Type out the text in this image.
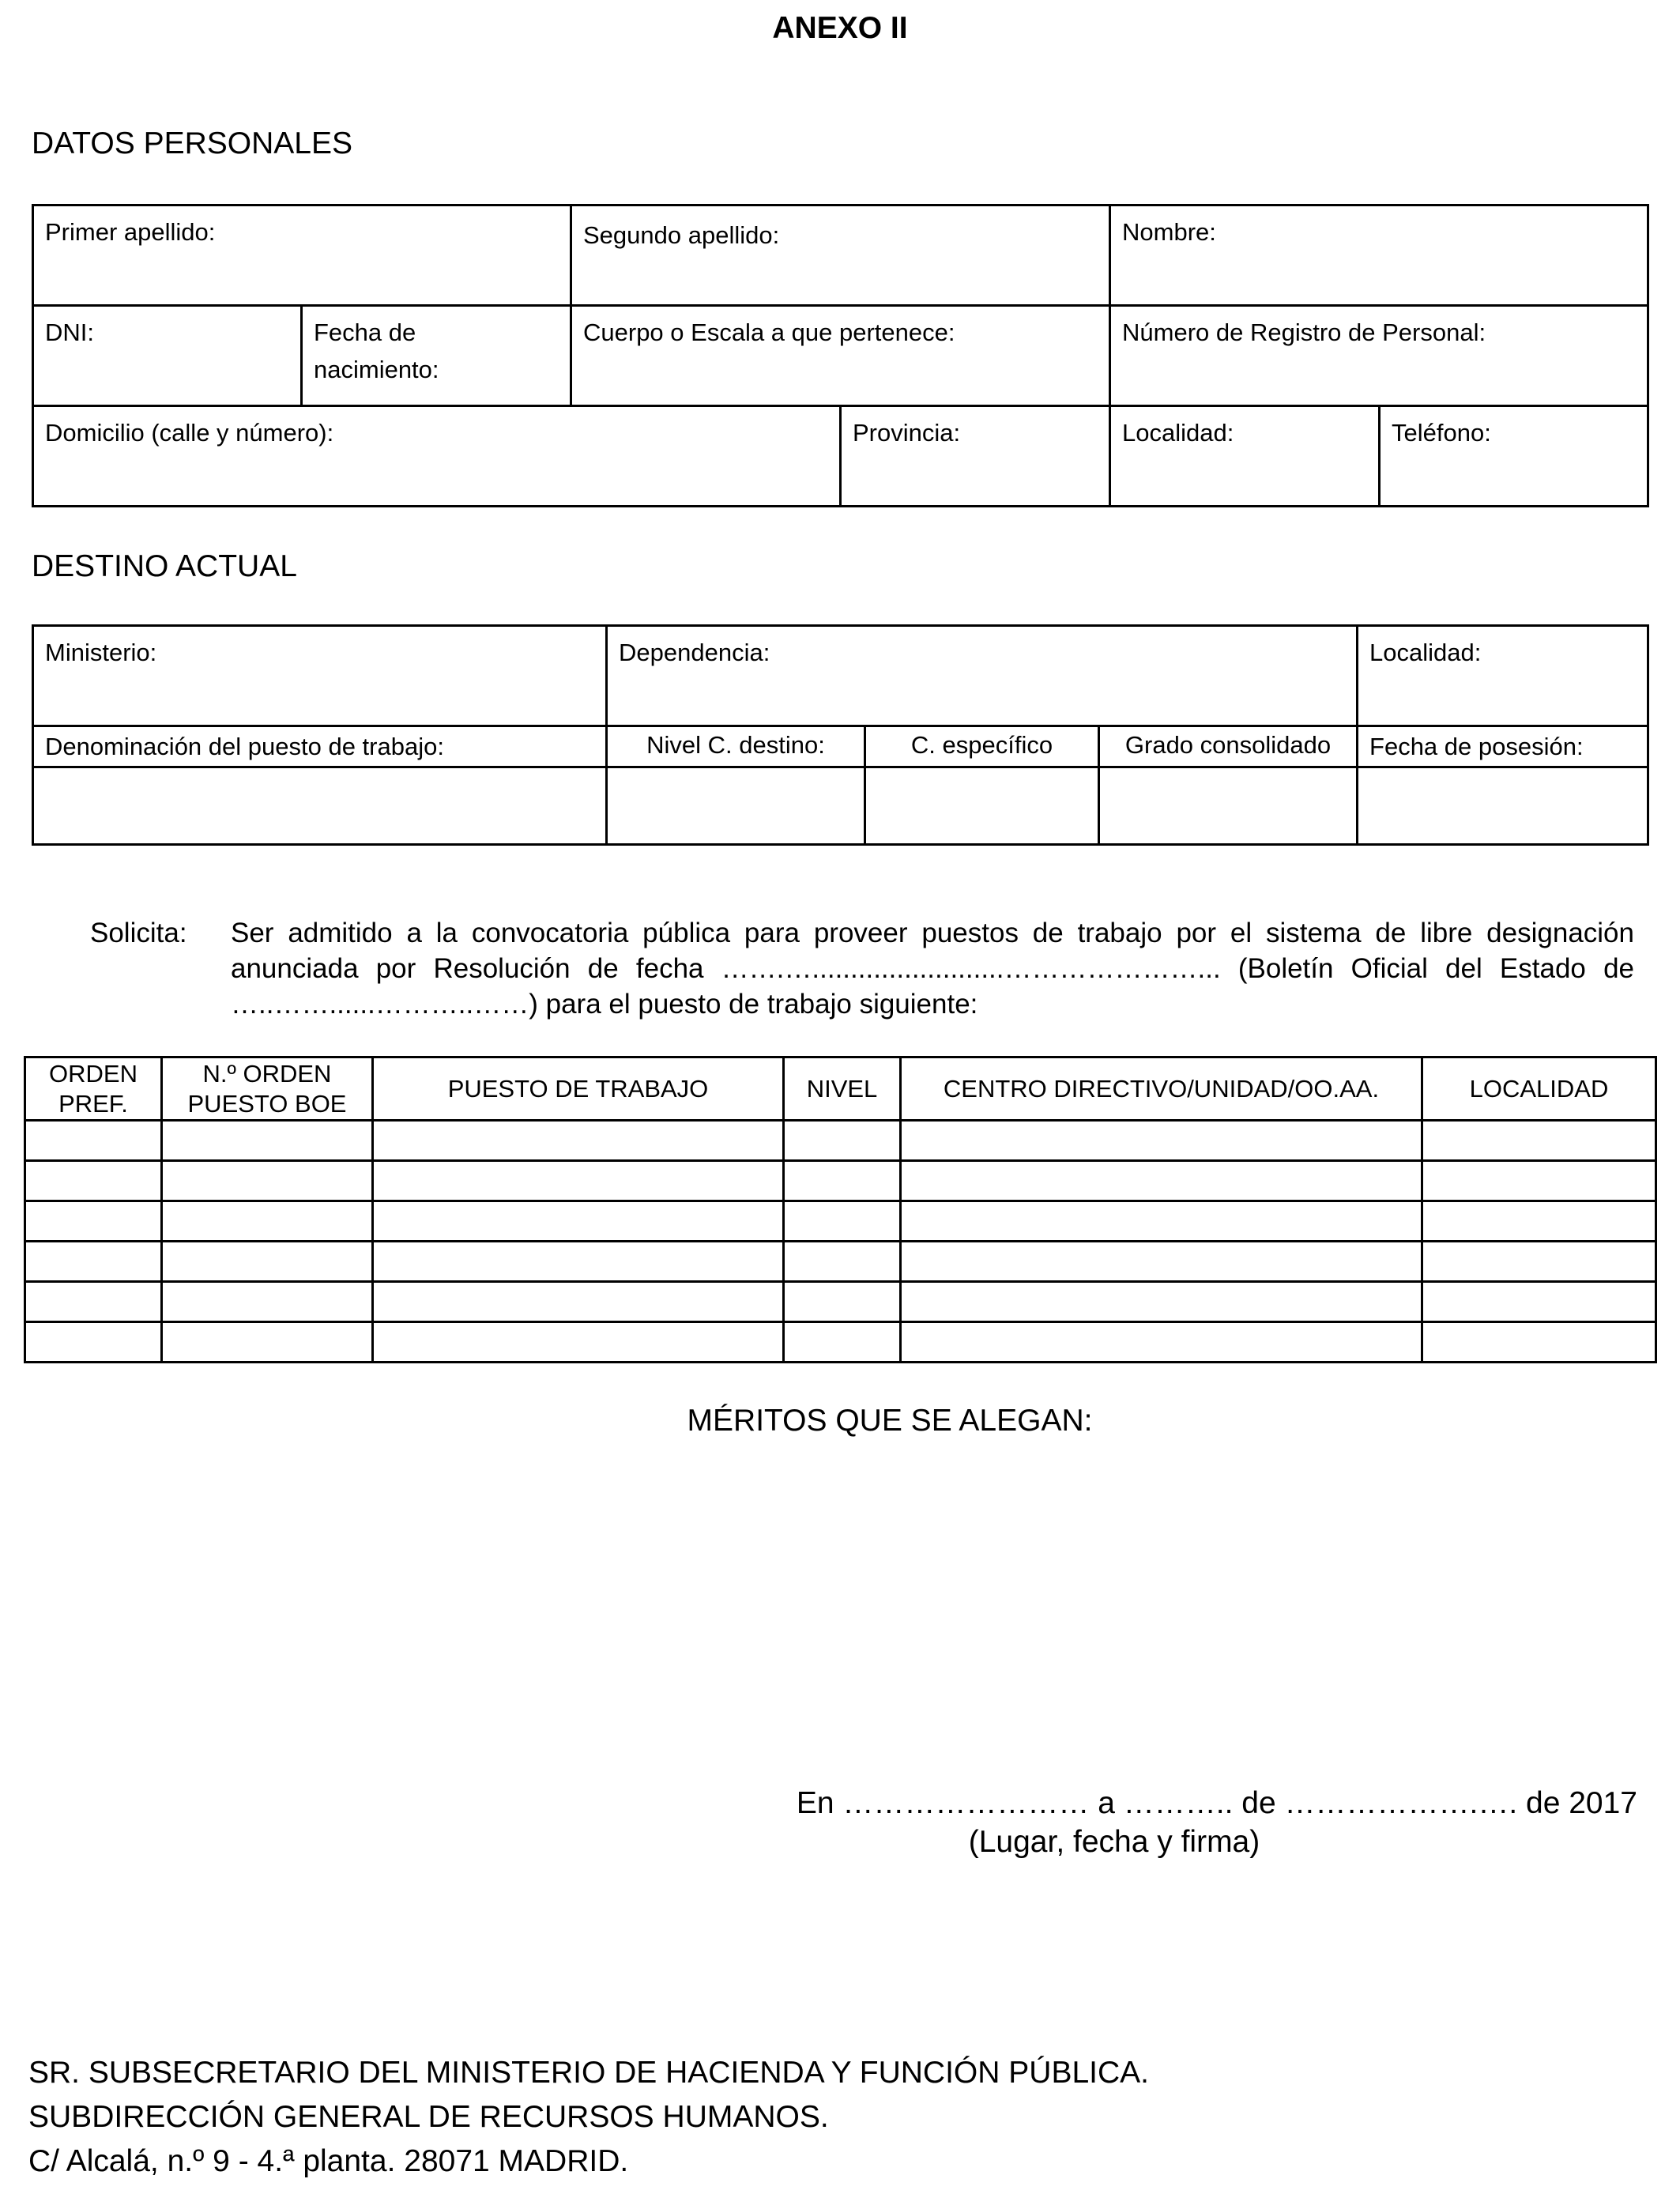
ANEXO II
DATOS PERSONALES
Primer apellido:		Segundo apellido:		Nombre:	

DNI:	Fecha de nacimiento:	Cuerpo o Escala a que pertenece:		Número de Registro de Personal:	

Domicilio (calle y número):			Provincia:	Localidad:	Teléfono:
DESTINO ACTUAL
Ministerio:	Dependencia:			Localidad:

Denominación del puesto de trabajo:	Nivel C. destino:	C. específico	Grado consolidado	Fecha de posesión:

Solicita: Ser admitido a la convocatoria pública para proveer puestos de trabajo por el sistema de libre designación anunciada por Resolución de fecha …….….........................…………………... (Boletín Oficial del Estado de …..……......………..……) para el puesto de trabajo siguiente:
ORDEN PREF.	N.º ORDEN PUESTO BOE	PUESTO DE TRABAJO	NIVEL	CENTRO DIRECTIVO/UNIDAD/OO.AA.	LOCALIDAD

MÉRITOS QUE SE ALEGAN:
En …………………… a ……….. de ……………….…. de 2017
(Lugar, fecha y firma)
SR. SUBSECRETARIO DEL MINISTERIO DE HACIENDA Y FUNCIÓN PÚBLICA.
SUBDIRECCIÓN GENERAL DE RECURSOS HUMANOS.
C/ Alcalá, n.º 9 - 4.ª planta. 28071 MADRID.
